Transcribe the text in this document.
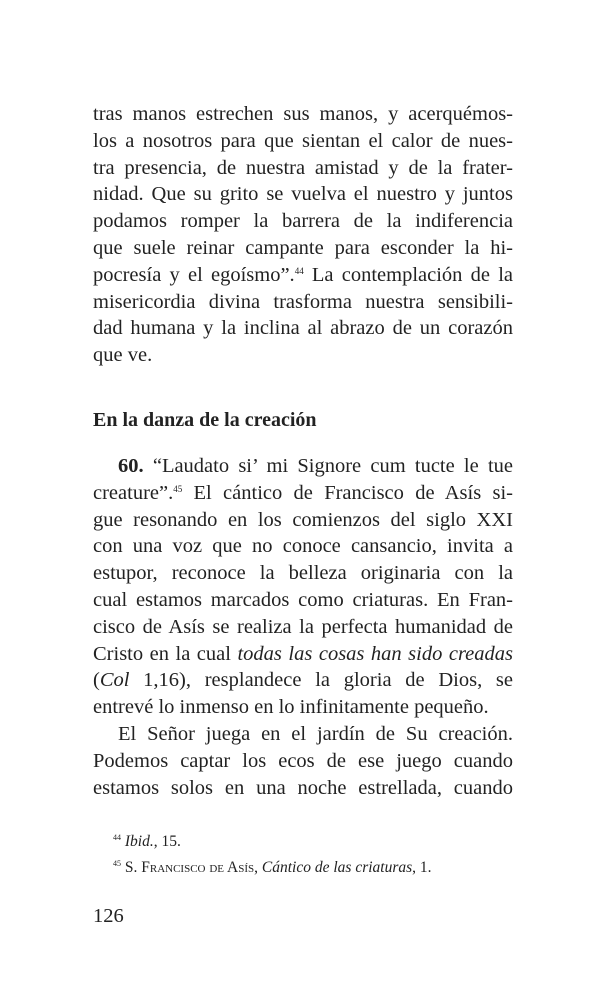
tras manos estrechen sus manos, y acerquémos-
los a nosotros para que sientan el calor de nues-
tra presencia, de nuestra amistad y de la frater-
nidad. Que su grito se vuelva el nuestro y juntos
podamos romper la barrera de la indiferencia
que suele reinar campante para esconder la hi-
pocresía y el egoísmo”.$^{44}$ La contemplación de la
misericordia divina trasforma nuestra sensibili-
dad humana y la inclina al abrazo de un corazón
que ve.
En la danza de la creación
60. “Laudato si’ mi Signore cum tucte le tue
creature”.$^{45}$ El cántico de Francisco de Asís si-
gue resonando en los comienzos del siglo XXI
con una voz que no conoce cansancio, invita a
estupor, reconoce la belleza originaria con la
cual estamos marcados como criaturas. En Fran-
cisco de Asís se realiza la perfecta humanidad de
Cristo en la cual todas las cosas han sido creadas
(Col 1,16), resplandece la gloria de Dios, se
entrevé lo inmenso en lo infinitamente pequeño.
El Señor juega en el jardín de Su creación.
Podemos captar los ecos de ese juego cuando
estamos solos en una noche estrellada, cuando
$^{44}$ Ibid., 15.
$^{45}$ S. Francisco de Asís, Cántico de las criaturas, 1.
126
